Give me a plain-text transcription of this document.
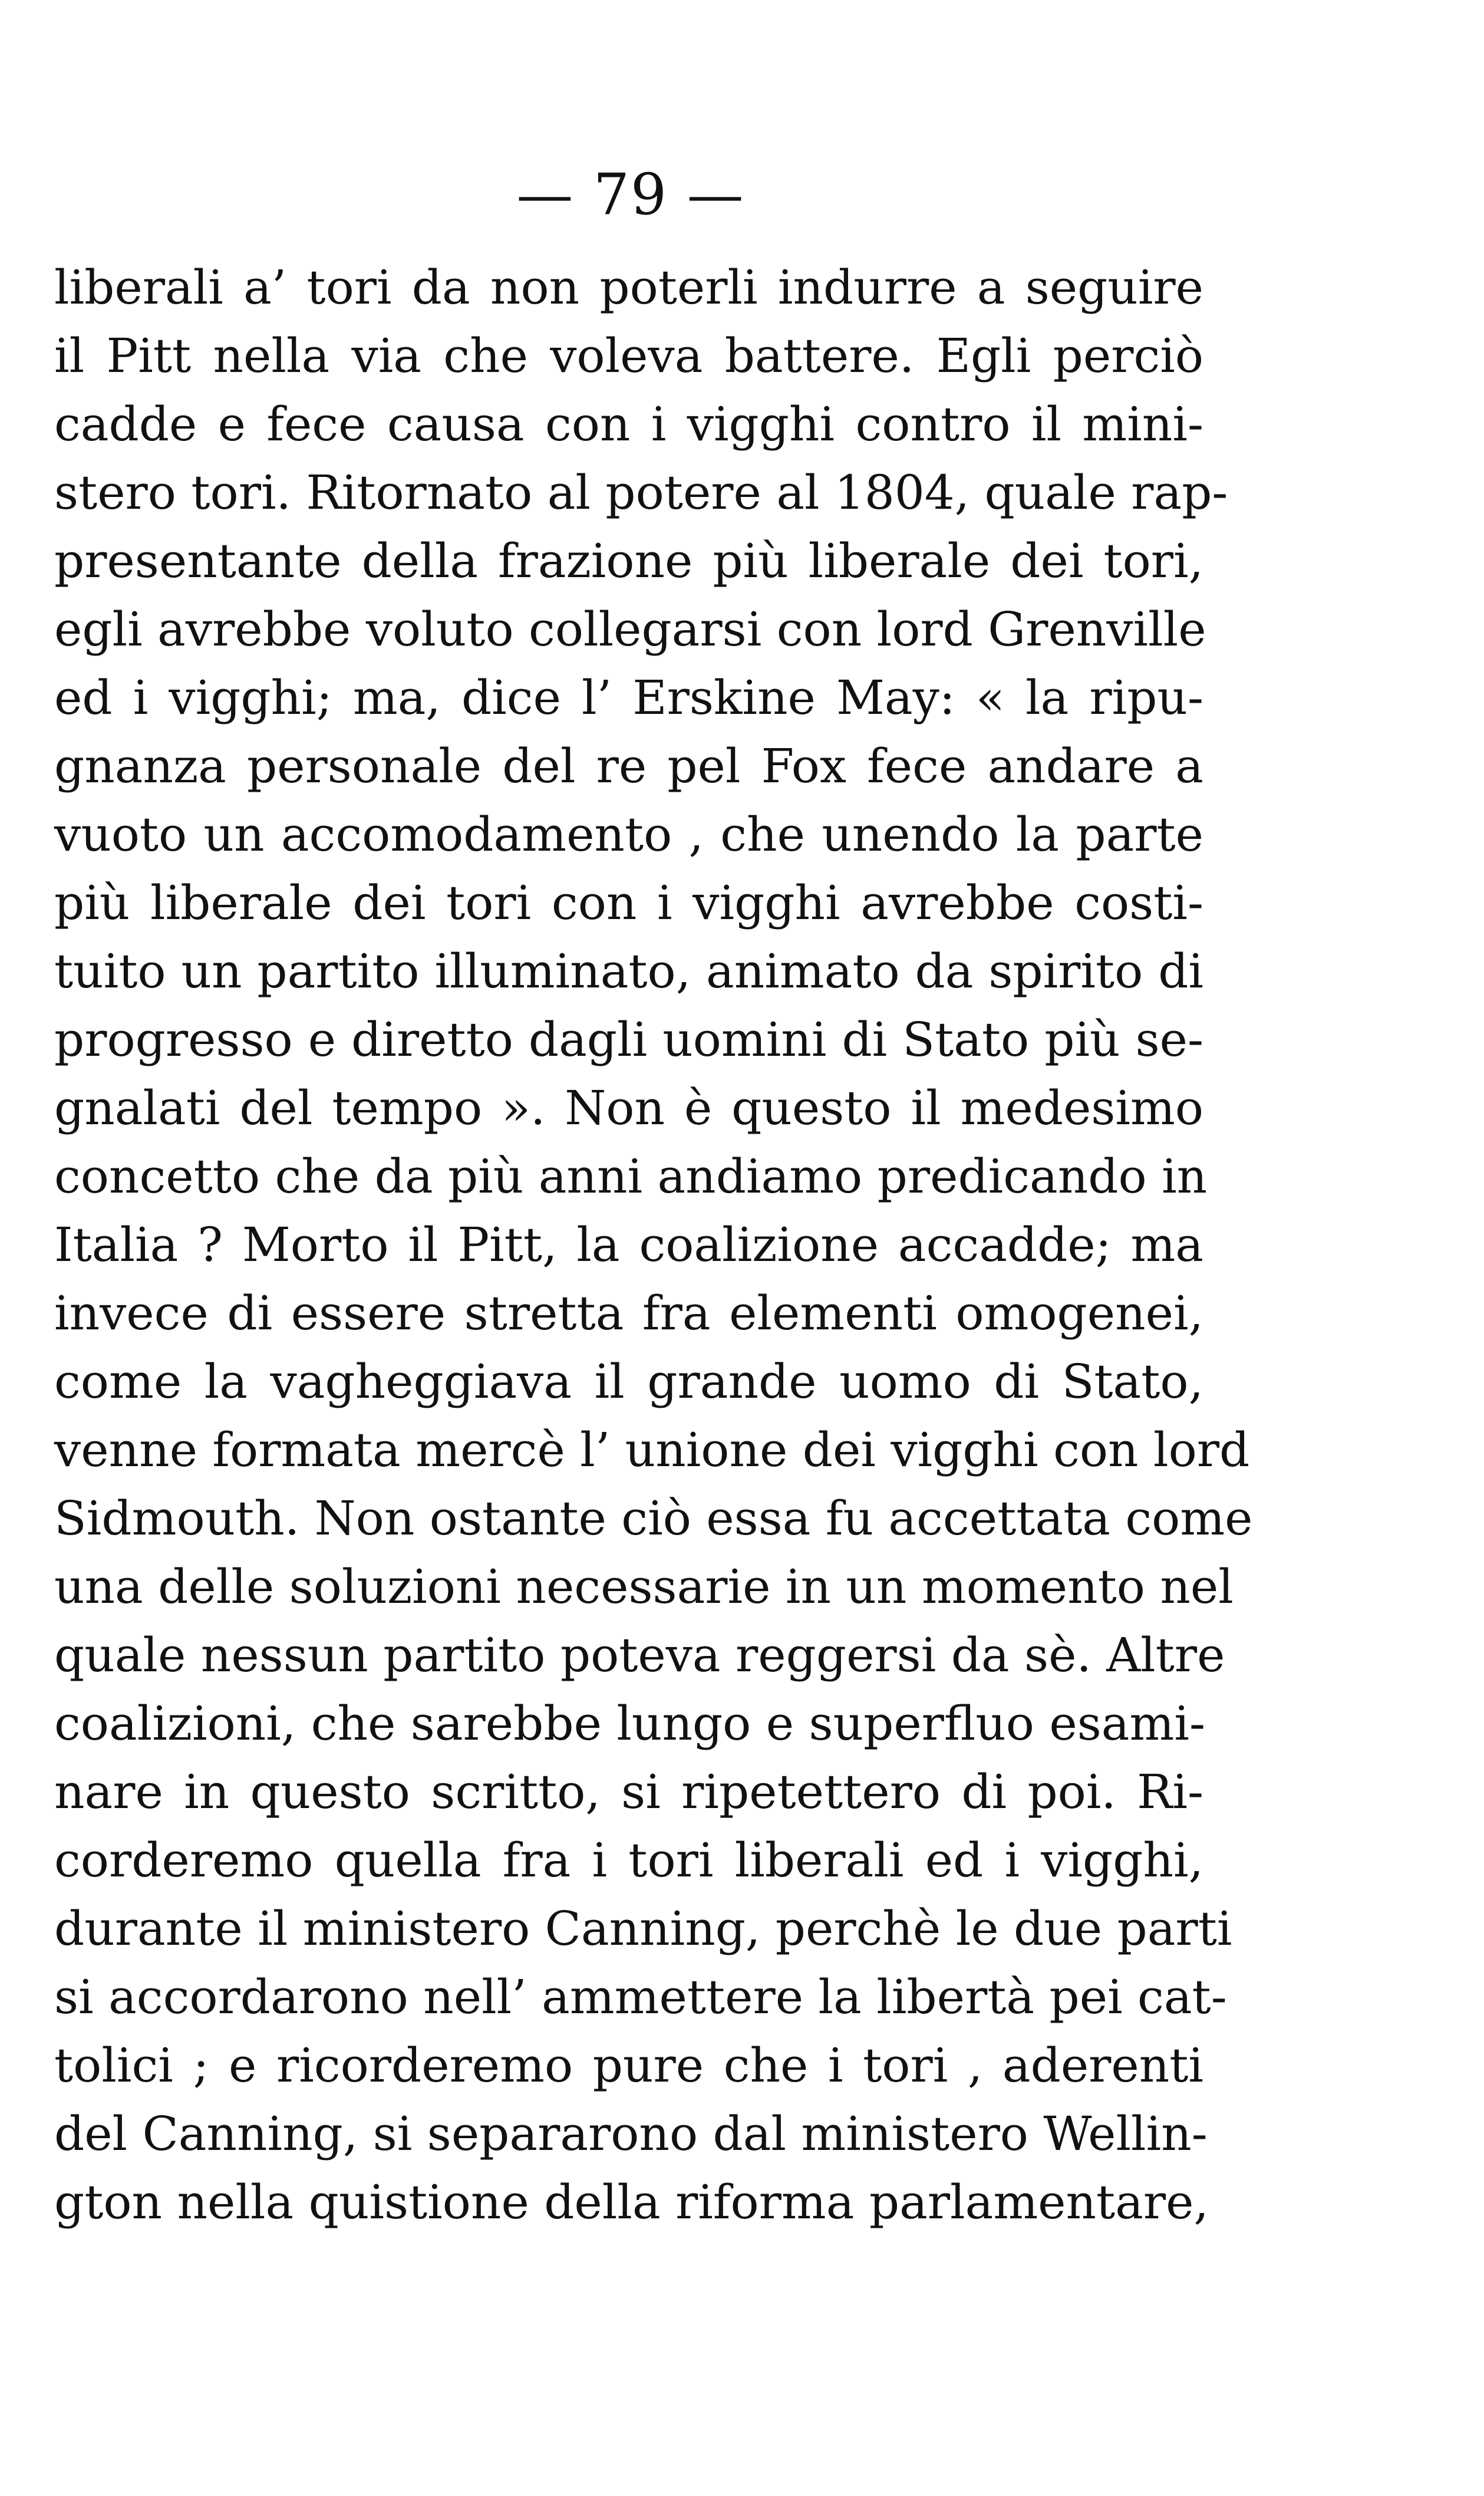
— 79 —
liberali a’ tori da non poterli indurre a seguire
il Pitt nella via che voleva battere. Egli perciò
cadde e fece causa con i vigghi contro il mini-
stero tori. Ritornato al potere al 1804, quale rap-
presentante della frazione più liberale dei tori,
egli avrebbe voluto collegarsi con lord Grenville
ed i vigghi; ma, dice l’ Erskine May: « la ripu-
gnanza personale del re pel Fox fece andare a
vuoto un accomodamento , che unendo la parte
più liberale dei tori con i vigghi avrebbe costi-
tuito un partito illuminato, animato da spirito di
progresso e diretto dagli uomini di Stato più se-
gnalati del tempo ». Non è questo il medesimo
concetto che da più anni andiamo predicando in
Italia ? Morto il Pitt, la coalizione accadde; ma
invece di essere stretta fra elementi omogenei,
come la vagheggiava il grande uomo di Stato,
venne formata mercè l’ unione dei vigghi con lord
Sidmouth. Non ostante ciò essa fu accettata come
una delle soluzioni necessarie in un momento nel
quale nessun partito poteva reggersi da sè. Altre
coalizioni, che sarebbe lungo e superfluo esami-
nare in questo scritto, si ripetettero di poi. Ri-
corderemo quella fra i tori liberali ed i vigghi,
durante il ministero Canning, perchè le due parti
si accordarono nell’ ammettere la libertà pei cat-
tolici ; e ricorderemo pure che i tori , aderenti
del Canning, si separarono dal ministero Wellin-
gton nella quistione della riforma parlamentare,
